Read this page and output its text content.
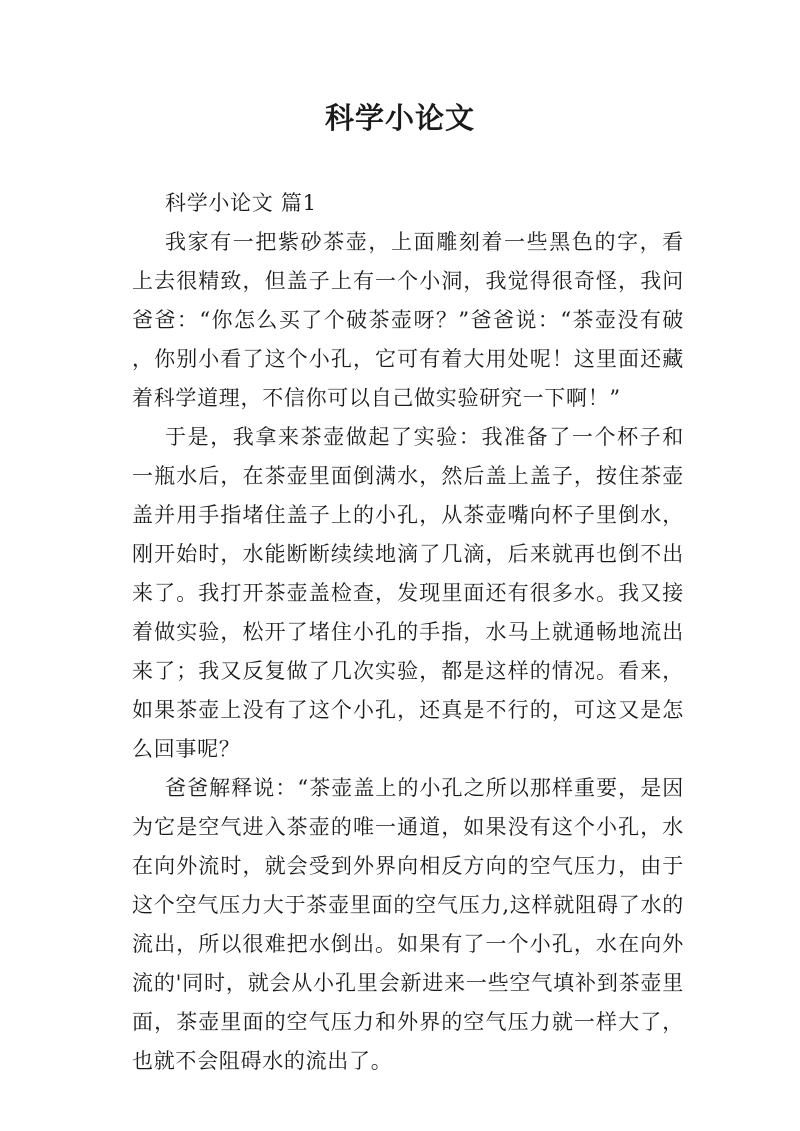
科学小论文

科学小论文 篇1

我家有一把紫砂茶壶，上面雕刻着一些黑色的字，看上去很精致，但盖子上有一个小洞，我觉得很奇怪，我问爸爸：“你怎么买了个破茶壶呀？”爸爸说：“茶壶没有破，你别小看了这个小孔，它可有着大用处呢！这里面还藏着科学道理，不信你可以自己做实验研究一下啊！”

于是，我拿来茶壶做起了实验：我准备了一个杯子和一瓶水后，在茶壶里面倒满水，然后盖上盖子，按住茶壶盖并用手指堵住盖子上的小孔，从茶壶嘴向杯子里倒水，刚开始时，水能断断续续地滴了几滴，后来就再也倒不出来了。我打开茶壶盖检查，发现里面还有很多水。我又接着做实验，松开了堵住小孔的手指，水马上就通畅地流出来了；我又反复做了几次实验，都是这样的情况。看来，如果茶壶上没有了这个小孔，还真是不行的，可这又是怎么回事呢？

爸爸解释说：“茶壶盖上的小孔之所以那样重要，是因为它是空气进入茶壶的唯一通道，如果没有这个小孔，水在向外流时，就会受到外界向相反方向的空气压力，由于这个空气压力大于茶壶里面的空气压力,这样就阻碍了水的流出，所以很难把水倒出。如果有了一个小孔，水在向外流的'同时，就会从小孔里会新进来一些空气填补到茶壶里面，茶壶里面的空气压力和外界的空气压力就一样大了，也就不会阻碍水的流出了。
